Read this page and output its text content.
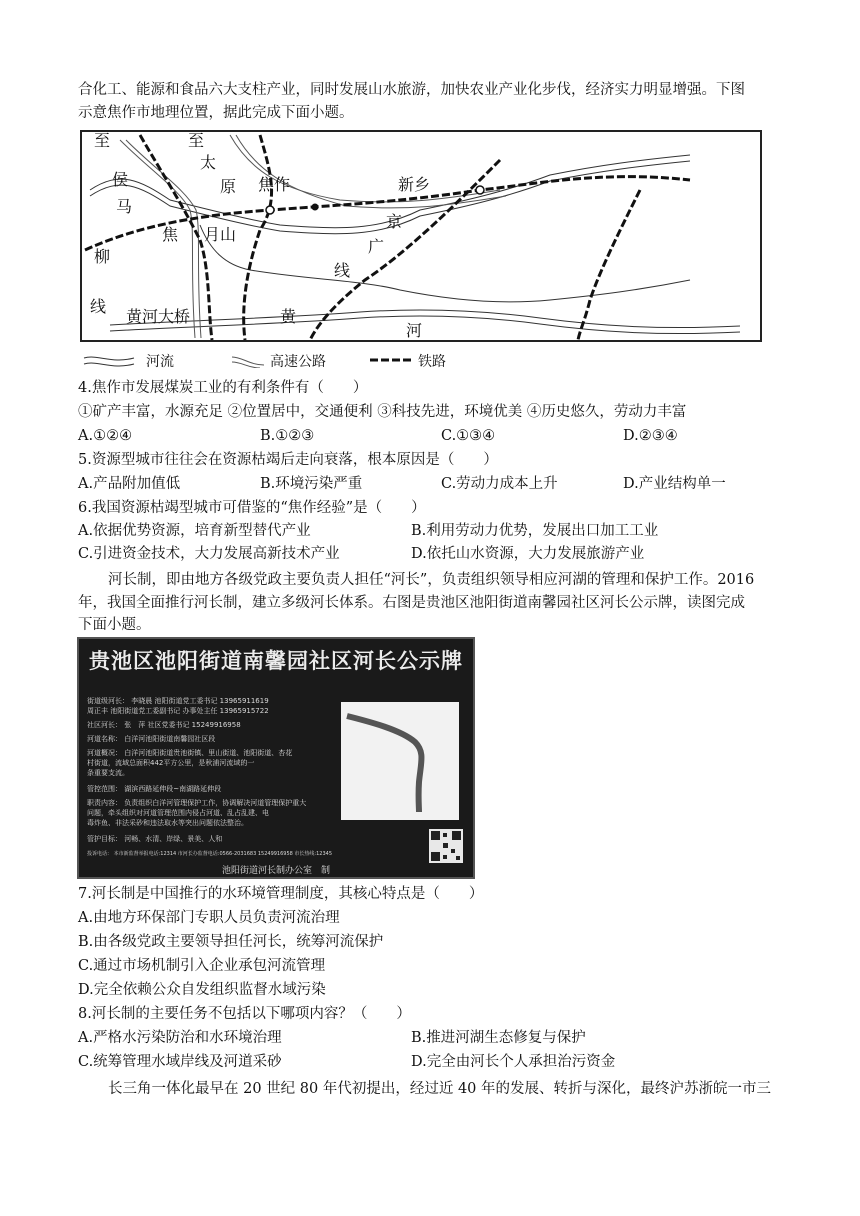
合化工、能源和食品六大支柱产业，同时发展山水旅游，加快农业产业化步伐，经济实力明显增强。下图
示意焦作市地理位置，据此完成下面小题。
至	至
太
原
侯
马
焦作	新乡
焦 月山
京
广
线
柳
线
黄河大桥	黄
河
河流	高速公路	铁路
4.焦作市发展煤炭工业的有利条件有（　　）
①矿产丰富，水源充足 ②位置居中，交通便利 ③科技先进，环境优美 ④历史悠久，劳动力丰富
A.①②④	B.①②③	C.①③④	D.②③④
5.资源型城市往往会在资源枯竭后走向衰落，根本原因是（　　）
A.产品附加值低	B.环境污染严重	C.劳动力成本上升	D.产业结构单一
6.我国资源枯竭型城市可借鉴的“焦作经验”是（　　）
A.依据优势资源，培育新型替代产业	B.利用劳动力优势，发展出口加工工业
C.引进资金技术，大力发展高新技术产业	D.依托山水资源，大力发展旅游产业
河长制，即由地方各级党政主要负责人担任“河长”，负责组织领导相应河湖的管理和保护工作。2016
年，我国全面推行河长制，建立多级河长体系。右图是贵池区池阳街道南馨园社区河长公示牌，读图完成
下面小题。
贵池区池阳街道南馨园社区河长公示牌
街道级河长： 李晓晨 池阳街道党工委书记 13965911619
周正丰 池阳街道党工委副书记 办事处主任 13965915722
社区河长： 张　萍 社区党委书记 15249916958
河道名称： 白洋河池阳街道南馨园社区段
河道概况： 白洋河池阳街道贵池街镇、里山街道、池阳街道、杏花
村街道，流域总面积442平方公里，是秋浦河流域的一
条重要支流。
管控范围： 湖滨西路延伸段~南湖路延伸段
职责内容： 负责组织白洋河管理保护工作，协调解决河道管理保护重大
问题，牵头组织对河道管理范围内侵占河道、乱占乱建、电
毒炸鱼、非法采砂和违法取水等突出问题依法整治。
管护目标： 河畅、水清、岸绿、景美、人和
投诉电话： 本市新监督举报电话:12314 市河长办监督电话:0566-2031683 15249916958 市长热线:12345
池阳街道河长制办公室　制
7.河长制是中国推行的水环境管理制度，其核心特点是（　　）
A.由地方环保部门专职人员负责河流治理
B.由各级党政主要领导担任河长，统筹河流保护
C.通过市场机制引入企业承包河流管理
D.完全依赖公众自发组织监督水域污染
8.河长制的主要任务不包括以下哪项内容？（　　）
A.严格水污染防治和水环境治理	B.推进河湖生态修复与保护
C.统筹管理水域岸线及河道采砂	D.完全由河长个人承担治污资金
长三角一体化最早在 20 世纪 80 年代初提出，经过近 40 年的发展、转折与深化，最终沪苏浙皖一市三
